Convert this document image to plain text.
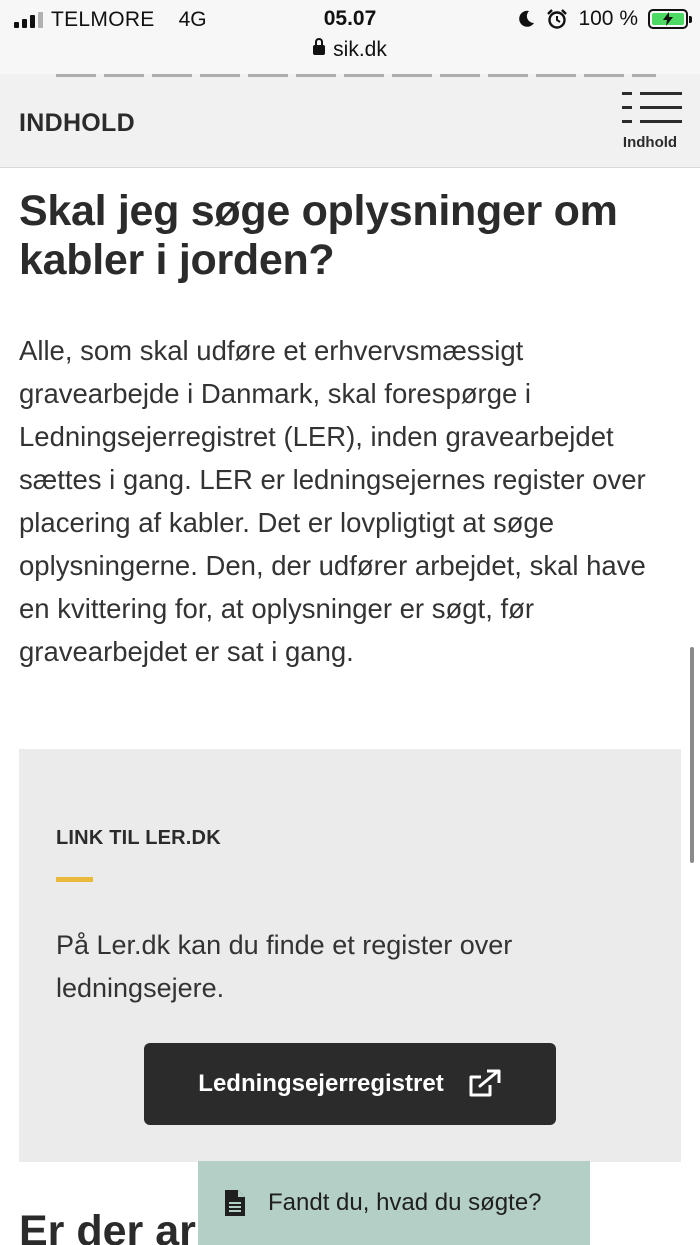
TELMORE 4G	05.07
sik.dk
100 %
INDHOLD
Indhold
Skal jeg søge oplysninger om kabler i jorden?

Alle, som skal udføre et erhvervsmæssigt gravearbejde i Danmark, skal forespørge i Ledningsejerregistret (LER), inden gravearbejdet sættes i gang. LER er ledningsejernes register over placering af kabler. Det er lovpligtigt at søge oplysningerne. Den, der udfører arbejdet, skal have en kvittering for, at oplysninger er søgt, før gravearbejdet er sat i gang.

LINK TIL LER.DK
På Ler.dk kan du finde et register over ledningsejere.
Ledningsejerregistret
Er der ar
Fandt du, hvad du søgte?
